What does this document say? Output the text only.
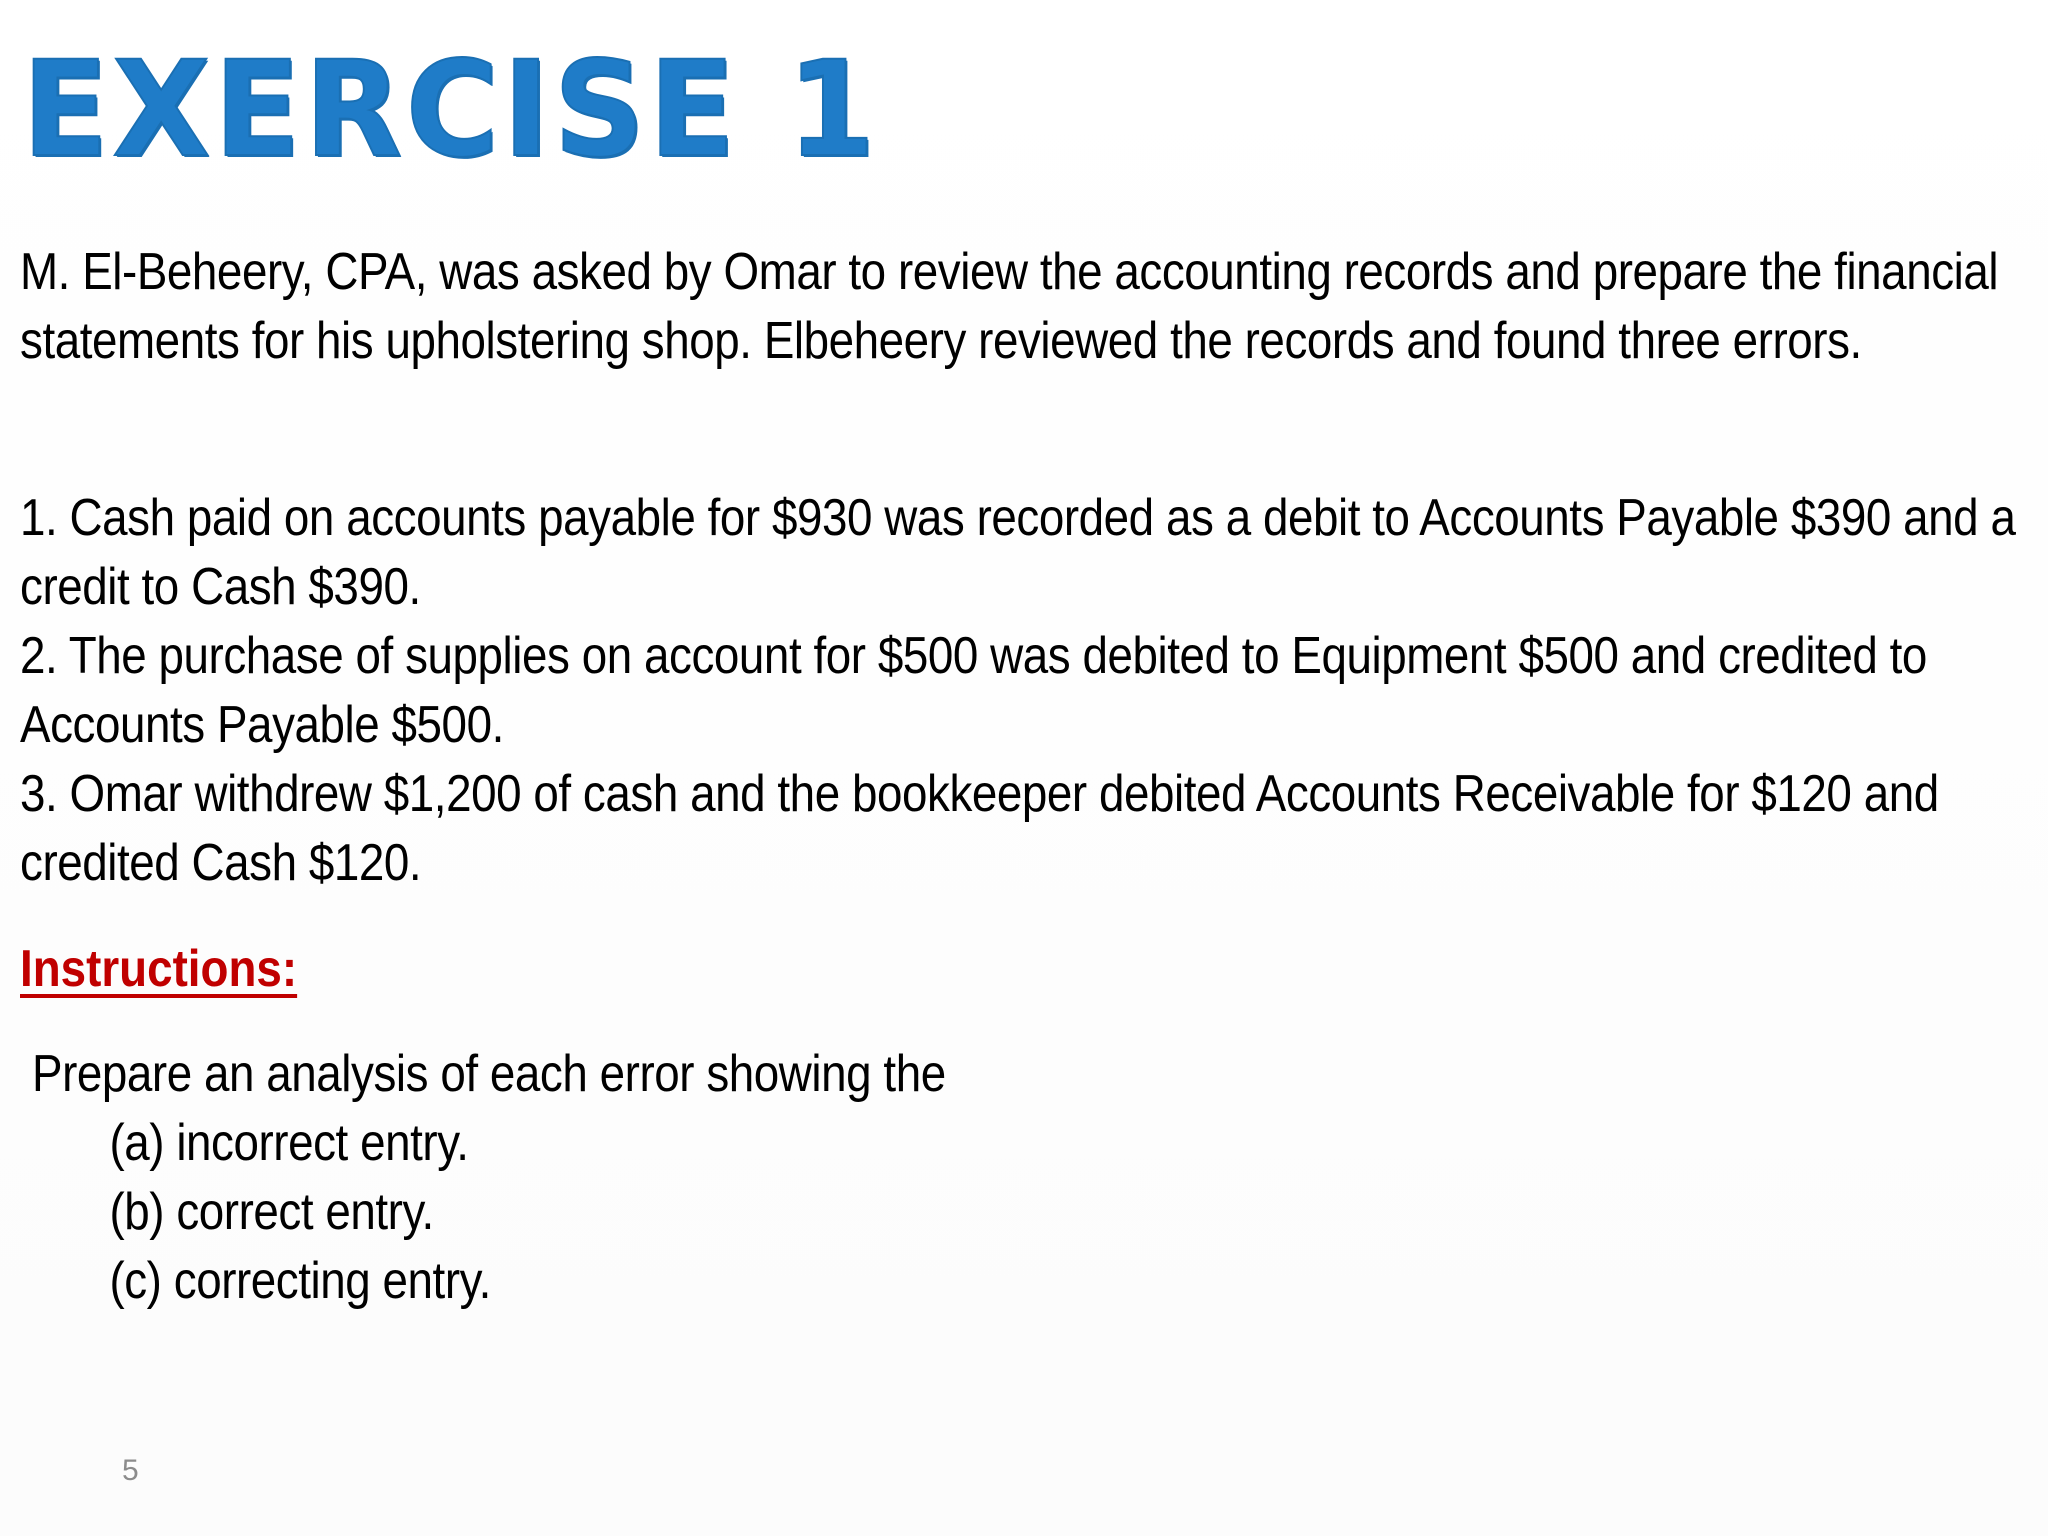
EXERCISE 1
M. El-Beheery, CPA, was asked by Omar to review the accounting records and prepare the financial statements for his upholstering shop. Elbeheery reviewed the records and found three errors.
1. Cash paid on accounts payable for $930 was recorded as a debit to Accounts Payable $390 and a credit to Cash $390.
2. The purchase of supplies on account for $500 was debited to Equipment $500 and credited to Accounts Payable $500.
3. Omar withdrew $1,200 of cash and the bookkeeper debited Accounts Receivable for $120 and credited Cash $120.
Instructions:
Prepare an analysis of each error showing the
(a) incorrect entry.
(b) correct entry.
(c) correcting entry.
5
